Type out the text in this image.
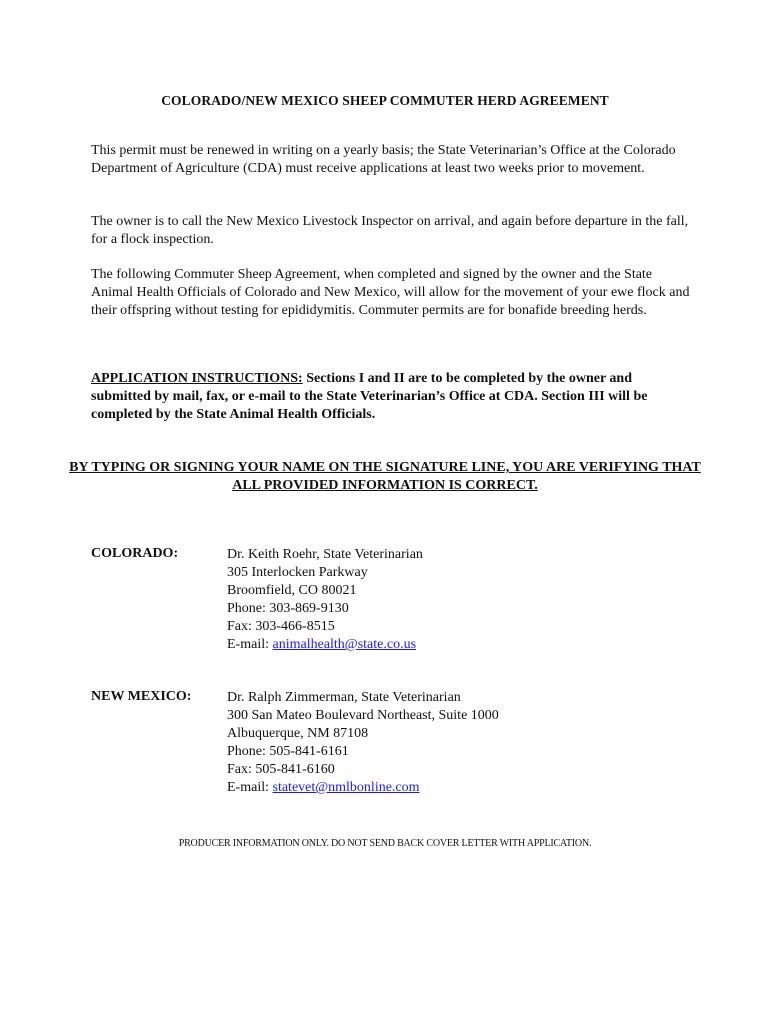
COLORADO/NEW MEXICO SHEEP COMMUTER HERD AGREEMENT

This permit must be renewed in writing on a yearly basis; the State Veterinarian’s Office at the Colorado Department of Agriculture (CDA) must receive applications at least two weeks prior to movement.

The owner is to call the New Mexico Livestock Inspector on arrival, and again before departure in the fall, for a flock inspection.

The following Commuter Sheep Agreement, when completed and signed by the owner and the State Animal Health Officials of Colorado and New Mexico, will allow for the movement of your ewe flock and their offspring without testing for epididymitis. Commuter permits are for bonafide breeding herds.

APPLICATION INSTRUCTIONS: Sections I and II are to be completed by the owner and submitted by mail, fax, or e-mail to the State Veterinarian’s Office at CDA. Section III will be completed by the State Animal Health Officials.

BY TYPING OR SIGNING YOUR NAME ON THE SIGNATURE LINE, YOU ARE VERIFYING THAT ALL PROVIDED INFORMATION IS CORRECT.

COLORADO:	Dr. Keith Roehr, State Veterinarian
305 Interlocken Parkway
Broomfield, CO 80021
Phone: 303-869-9130
Fax: 303-466-8515
E-mail: animalhealth@state.co.us
NEW MEXICO:	Dr. Ralph Zimmerman, State Veterinarian
300 San Mateo Boulevard Northeast, Suite 1000
Albuquerque, NM 87108
Phone: 505-841-6161
Fax: 505-841-6160
E-mail: statevet@nmlbonline.com
PRODUCER INFORMATION ONLY. DO NOT SEND BACK COVER LETTER WITH APPLICATION.
